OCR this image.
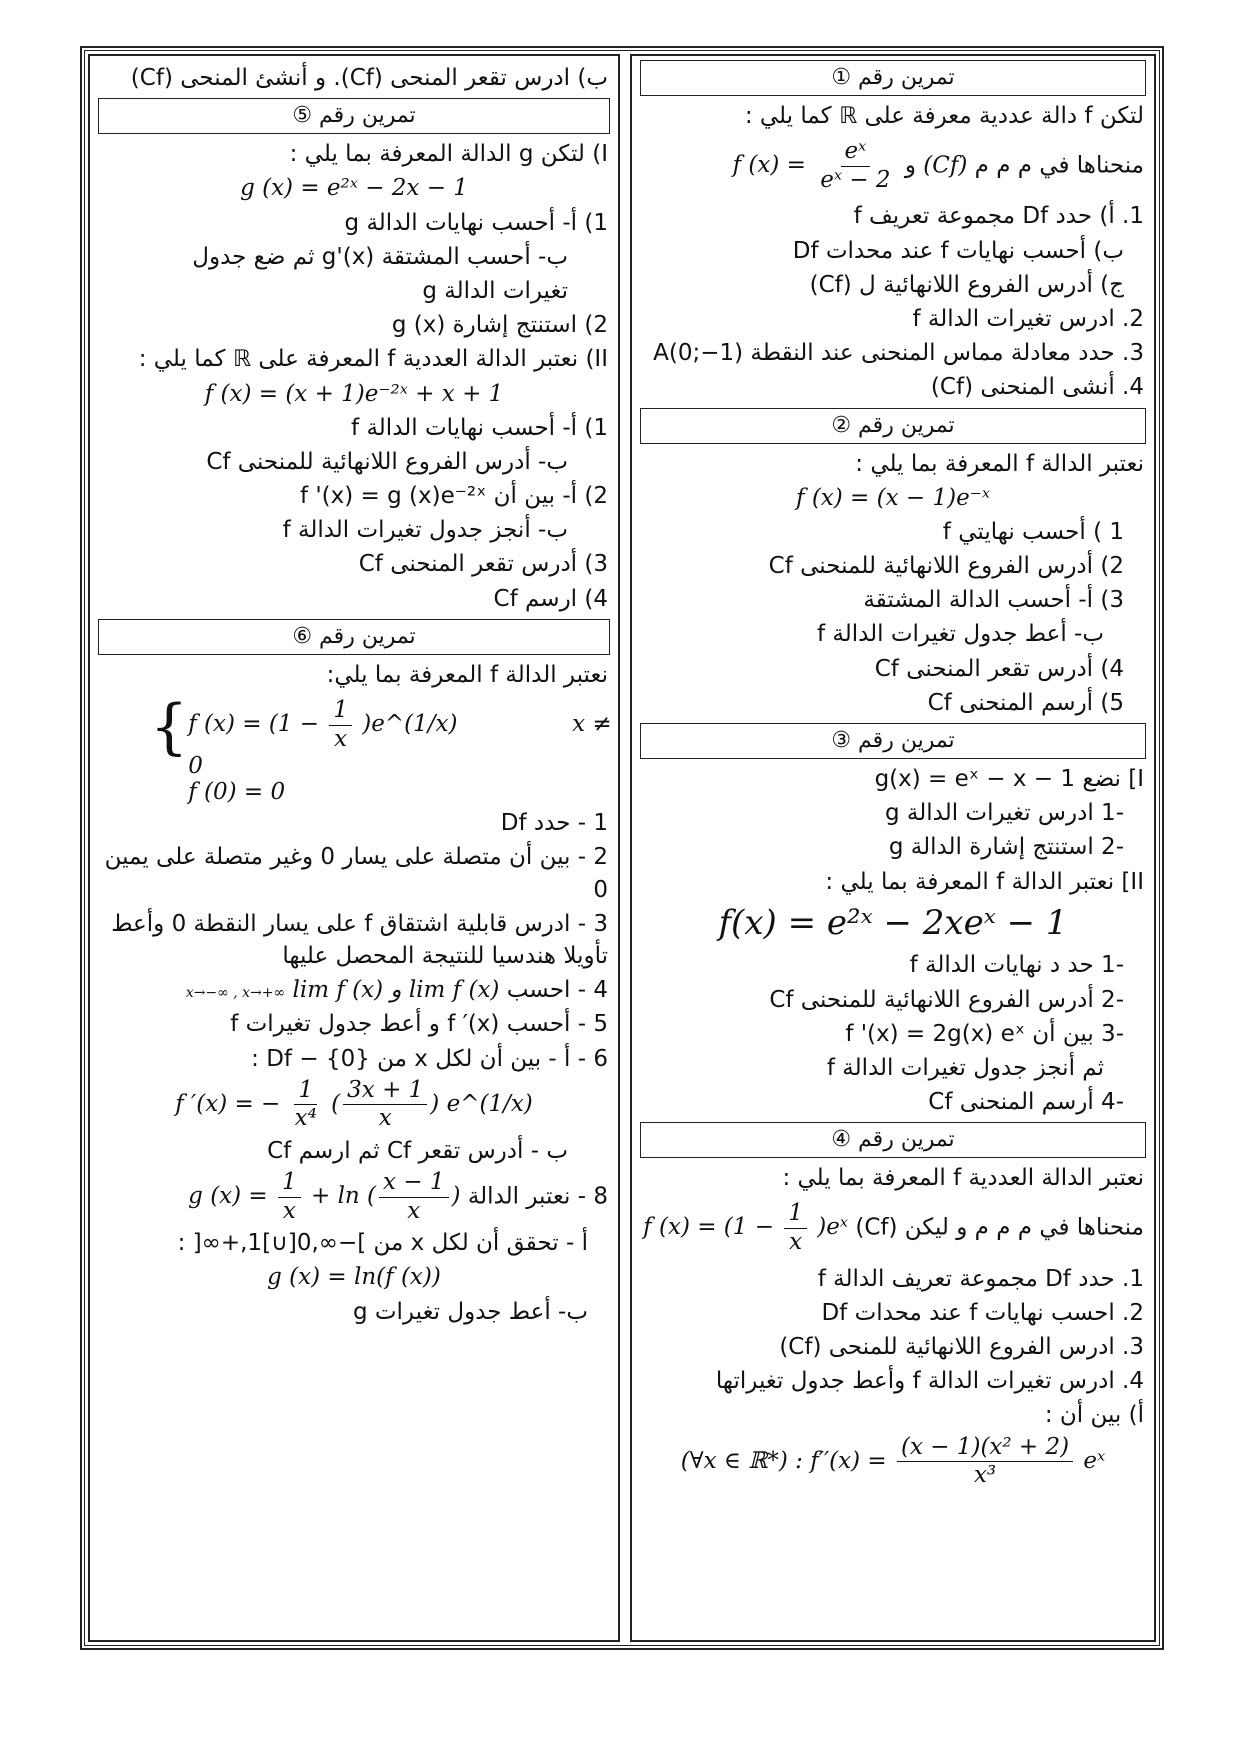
تمرين رقم ①
لتكن f دالة عددية معرفة على ℝ كما يلي :
منحناها في م م م (Cf) و f $(x) = \frac{\text{eˣ}}{\text{eˣ − 2}}$
1. أ) حدد Df مجموعة تعريف f
ب) أحسب نهايات f عند محدات Df
ج) أدرس الفروع اللانهائية ل (Cf)
2. ادرس تغيرات الدالة f
3. حدد معادلة مماس المنحنى عند النقطة A(0;−1)
4. أنشى المنحنى (Cf)
تمرين رقم ②
نعتبر الدالة f المعرفة بما يلي :
f (x) = (x − 1)e⁻ˣ
1 ) أحسب نهايتي f
2) أدرس الفروع اللانهائية للمنحنى Cf
3) أ- أحسب الدالة المشتقة
ب- أعط جدول تغيرات الدالة f
4) أدرس تقعر المنحنى Cf
5) أرسم المنحنى Cf
تمرين رقم ③
I] نضع g(x) = eˣ − x − 1
-1 ادرس تغيرات الدالة g
-2 استنتج إشارة الدالة g
II] نعتبر الدالة f المعرفة بما يلي :
f(x) = e²ˣ − 2xeˣ − 1
-1 حد د نهايات الدالة f
-2 أدرس الفروع اللانهائية للمنحنى Cf
-3 بين أن f '(x) = 2g(x) eˣ
ثم أنجز جدول تغيرات الدالة f
-4 أرسم المنحنى Cf
تمرين رقم ④
نعتبر الدالة العددية f المعرفة بما يلي :
منحناها في م م م و ليكن (Cf) f $(x) = (1 - \frac{1}{x}$ )eˣ
1. حدد Df مجموعة تعريف الدالة f
2. احسب نهايات f عند محدات Df
3. ادرس الفروع اللانهائية للمنحى (Cf)
4. ادرس تغيرات الدالة f وأعط جدول تغيراتها
أ) بين أن :
(∀x ∈ ℝ*) : $f''(x) = \frac{\text{(x − 1)(x² + 2)}}{\text{x³}}$ eˣ
ب) ادرس تقعر المنحى (Cf). و أنشئ المنحى (Cf)
تمرين رقم ⑤
I) لتكن g الدالة المعرفة بما يلي :
g (x) = e²ˣ − 2x − 1
1) أ- أحسب نهايات الدالة g
ب- أحسب المشتقة g'(x) ثم ضع جدول
تغيرات الدالة g
2) استنتج إشارة g (x)
II) نعتبر الدالة العددية f المعرفة على ℝ كما يلي :
f (x) = (x + 1)e⁻²ˣ + x + 1
1) أ- أحسب نهايات الدالة f
ب- أدرس الفروع اللانهائية للمنحنى Cf
2) أ- بين أن f '(x) = g (x)e⁻²ˣ
ب- أنجز جدول تغيرات الدالة f
3) أدرس تقعر المنحنى Cf
4) ارسم Cf
تمرين رقم ⑥
نعتبر الدالة f المعرفة بما يلي:
{ f $(x) = (1 - \frac{1}{x}$ )e^(1/x)	x ≠ 0
f (0) = 0
1 - حدد Df
2 - بين أن متصلة على يسار 0 وغير متصلة على يمين 0
3 - ادرس قابلية اشتقاق f على يسار النقطة 0 وأعط تأويلا هندسيا للنتيجة المحصل عليها
4 - احسب lim f (x) و lim f (x) x→−∞ , x→+∞
5 - أحسب f ′(x) و أعط جدول تغيرات f
6 - أ - بين أن لكل x من {0} − Df :
f ′(x) = − $\frac{1}{\text{x⁴}}$ ( $\frac{3x + 1}{x}$ ) e^(1/x)
ب - أدرس تقعر Cf ثم ارسم Cf
8 - نعتبر الدالة g $(x) = \frac{1}{x} + \ln$ ( $\frac{x - 1}{x}$ )
أ - تحقق أن لكل x من ]−∞,0[∪]1,+∞[ :
g (x) = ln(f (x))
ب- أعط جدول تغيرات g
